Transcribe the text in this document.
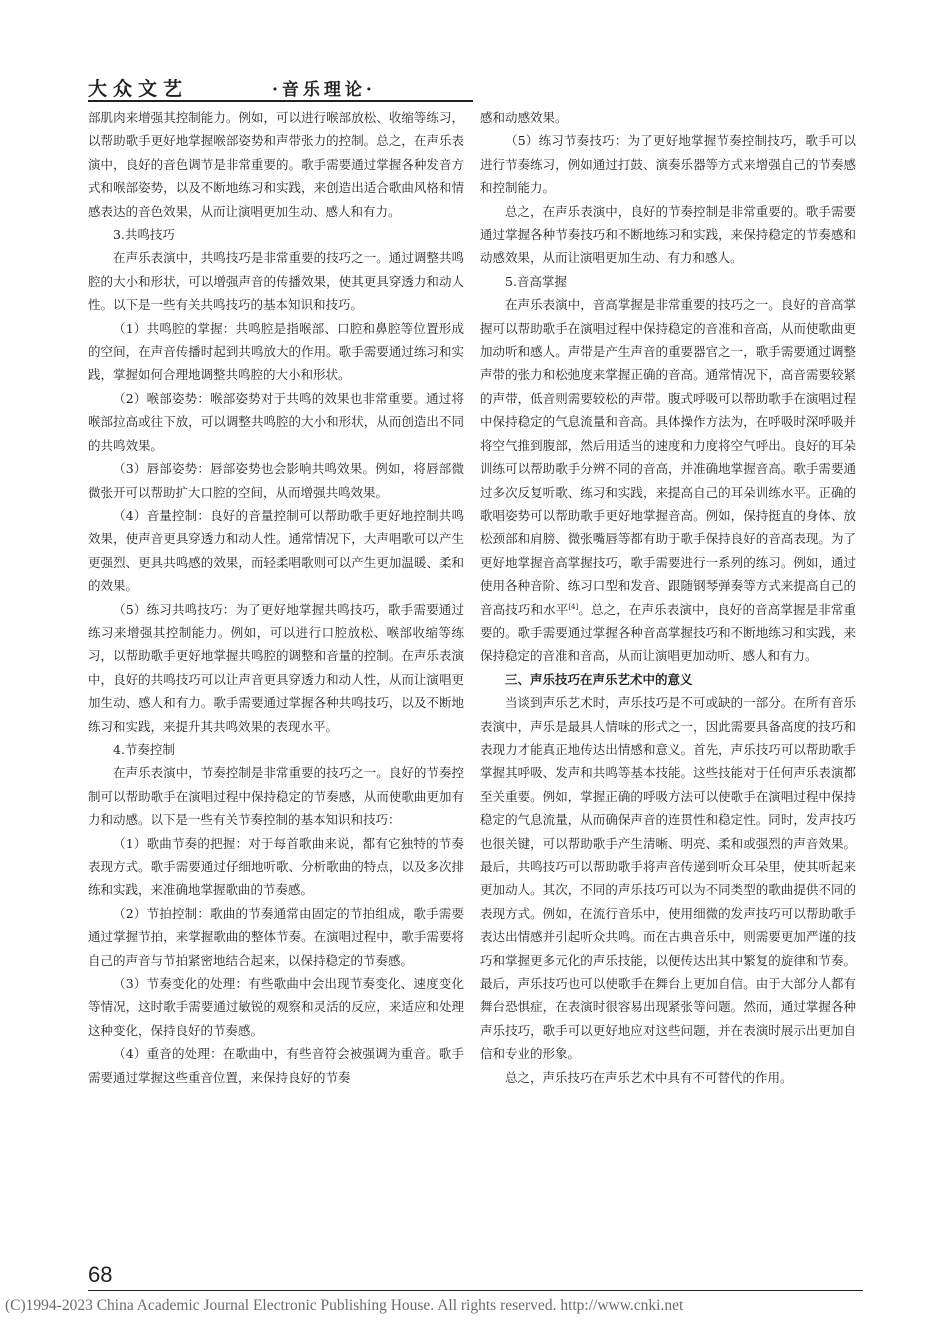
大众文艺	·音乐理论·

部肌肉来增强其控制能力。例如，可以进行喉部放松、收缩等练习，以帮助歌手更好地掌握喉部姿势和声带张力的控制。总之，在声乐表演中，良好的音色调节是非常重要的。歌手需要通过掌握各种发音方式和喉部姿势，以及不断地练习和实践，来创造出适合歌曲风格和情感表达的音色效果，从而让演唱更加生动、感人和有力。

3.共鸣技巧

在声乐表演中，共鸣技巧是非常重要的技巧之一。通过调整共鸣腔的大小和形状，可以增强声音的传播效果，使其更具穿透力和动人性。以下是一些有关共鸣技巧的基本知识和技巧。

（1）共鸣腔的掌握：共鸣腔是指喉部、口腔和鼻腔等位置形成的空间，在声音传播时起到共鸣放大的作用。歌手需要通过练习和实践，掌握如何合理地调整共鸣腔的大小和形状。

（2）喉部姿势：喉部姿势对于共鸣的效果也非常重要。通过将喉部拉高或往下放，可以调整共鸣腔的大小和形状，从而创造出不同的共鸣效果。

（3）唇部姿势：唇部姿势也会影响共鸣效果。例如，将唇部微微张开可以帮助扩大口腔的空间，从而增强共鸣效果。

（4）音量控制：良好的音量控制可以帮助歌手更好地控制共鸣效果，使声音更具穿透力和动人性。通常情况下，大声唱歌可以产生更强烈、更具共鸣感的效果，而轻柔唱歌则可以产生更加温暖、柔和的效果。

（5）练习共鸣技巧：为了更好地掌握共鸣技巧，歌手需要通过练习来增强其控制能力。例如，可以进行口腔放松、喉部收缩等练习，以帮助歌手更好地掌握共鸣腔的调整和音量的控制。在声乐表演中，良好的共鸣技巧可以让声音更具穿透力和动人性，从而让演唱更加生动、感人和有力。歌手需要通过掌握各种共鸣技巧，以及不断地练习和实践，来提升其共鸣效果的表现水平。

4.节奏控制

在声乐表演中，节奏控制是非常重要的技巧之一。良好的节奏控制可以帮助歌手在演唱过程中保持稳定的节奏感，从而使歌曲更加有力和动感。以下是一些有关节奏控制的基本知识和技巧：

（1）歌曲节奏的把握：对于每首歌曲来说，都有它独特的节奏表现方式。歌手需要通过仔细地听歌、分析歌曲的特点，以及多次排练和实践，来准确地掌握歌曲的节奏感。

（2）节拍控制：歌曲的节奏通常由固定的节拍组成，歌手需要通过掌握节拍，来掌握歌曲的整体节奏。在演唱过程中，歌手需要将自己的声音与节拍紧密地结合起来，以保持稳定的节奏感。

（3）节奏变化的处理：有些歌曲中会出现节奏变化、速度变化等情况，这时歌手需要通过敏锐的观察和灵活的反应，来适应和处理这种变化，保持良好的节奏感。

（4）重音的处理：在歌曲中，有些音符会被强调为重音。歌手需要通过掌握这些重音位置，来保持良好的节奏

感和动感效果。

（5）练习节奏技巧：为了更好地掌握节奏控制技巧，歌手可以进行节奏练习，例如通过打鼓、演奏乐器等方式来增强自己的节奏感和控制能力。

总之，在声乐表演中，良好的节奏控制是非常重要的。歌手需要通过掌握各种节奏技巧和不断地练习和实践，来保持稳定的节奏感和动感效果，从而让演唱更加生动、有力和感人。

5.音高掌握

在声乐表演中，音高掌握是非常重要的技巧之一。良好的音高掌握可以帮助歌手在演唱过程中保持稳定的音准和音高，从而使歌曲更加动听和感人。声带是产生声音的重要器官之一，歌手需要通过调整声带的张力和松弛度来掌握正确的音高。通常情况下，高音需要较紧的声带，低音则需要较松的声带。腹式呼吸可以帮助歌手在演唱过程中保持稳定的气息流量和音高。具体操作方法为，在呼吸时深呼吸并将空气推到腹部，然后用适当的速度和力度将空气呼出。良好的耳朵训练可以帮助歌手分辨不同的音高，并准确地掌握音高。歌手需要通过多次反复听歌、练习和实践，来提高自己的耳朵训练水平。正确的歌唱姿势可以帮助歌手更好地掌握音高。例如，保持挺直的身体、放松颈部和肩膀、微张嘴唇等都有助于歌手保持良好的音高表现。为了更好地掌握音高掌握技巧，歌手需要进行一系列的练习。例如，通过使用各种音阶、练习口型和发音、跟随钢琴弹奏等方式来提高自己的音高技巧和水平[4]。总之，在声乐表演中，良好的音高掌握是非常重要的。歌手需要通过掌握各种音高掌握技巧和不断地练习和实践，来保持稳定的音准和音高，从而让演唱更加动听、感人和有力。

三、声乐技巧在声乐艺术中的意义

当谈到声乐艺术时，声乐技巧是不可或缺的一部分。在所有音乐表演中，声乐是最具人情味的形式之一，因此需要具备高度的技巧和表现力才能真正地传达出情感和意义。首先，声乐技巧可以帮助歌手掌握其呼吸、发声和共鸣等基本技能。这些技能对于任何声乐表演都至关重要。例如，掌握正确的呼吸方法可以使歌手在演唱过程中保持稳定的气息流量，从而确保声音的连贯性和稳定性。同时，发声技巧也很关键，可以帮助歌手产生清晰、明亮、柔和或强烈的声音效果。最后，共鸣技巧可以帮助歌手将声音传递到听众耳朵里，使其听起来更加动人。其次，不同的声乐技巧可以为不同类型的歌曲提供不同的表现方式。例如，在流行音乐中，使用细微的发声技巧可以帮助歌手表达出情感并引起听众共鸣。而在古典音乐中，则需要更加严谨的技巧和掌握更多元化的声乐技能，以便传达出其中繁复的旋律和节奏。最后，声乐技巧也可以使歌手在舞台上更加自信。由于大部分人都有舞台恐惧症，在表演时很容易出现紧张等问题。然而，通过掌握各种声乐技巧，歌手可以更好地应对这些问题，并在表演时展示出更加自信和专业的形象。

总之，声乐技巧在声乐艺术中具有不可替代的作用。

68
(C)1994-2023 China Academic Journal Electronic Publishing House. All rights reserved. http://www.cnki.net
